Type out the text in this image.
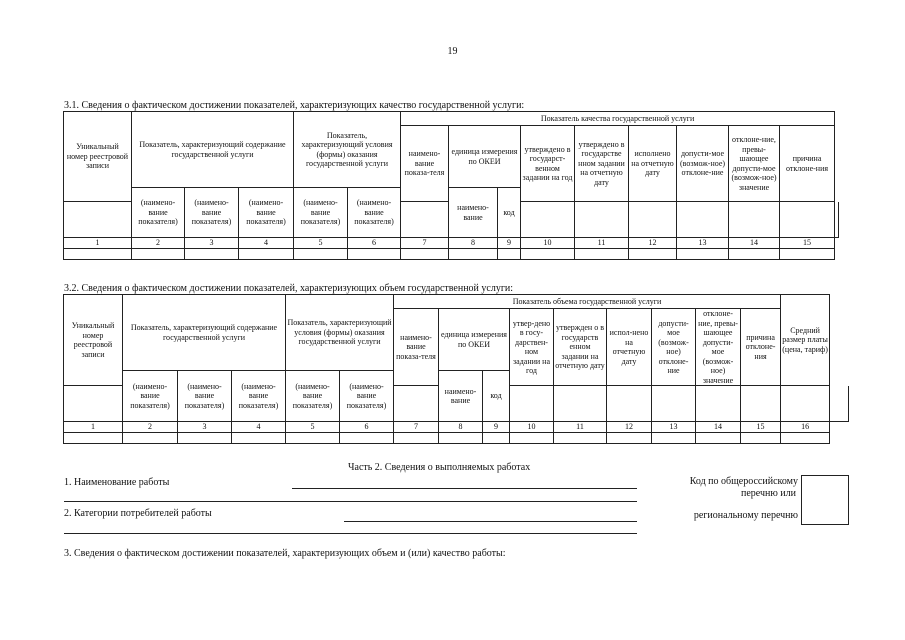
19
3.1. Сведения о фактическом достижении показателей, характеризующих качество государственной услуги:
Уникальный номер реестровой записи	Показатель, характеризующий содержание государственной услуги			Показатель, характеризующий условия (формы) оказания государственной услуги		Показатель качества государственной услуги									
						наимено-вание показа-теля	единица измерения по ОКЕИ		утверждено в государст-венном задании на год	утверждено в государстве нном задании на отчетную дату	исполнено на отчетную дату	допусти-мое (возмож-ное) отклоне-ние	отклоне-ние, превы-шающее допусти-мое (возмож-ное) значение	причина отклоне-ния	
	(наимено-вание показателя)	(наимено-вание показателя)	(наимено-вание показателя)	(наимено-вание показателя)	(наимено-вание показателя)		наимено-вание	код							

1	2	3	4	5	6	7	8	9	10	11	12	13	14	15	

3.2. Сведения о фактическом достижении показателей, характеризующих объем государственной услуги:
Уникальный номер реестровой записи	Показатель, характеризующий содержание государственной услуги			Показатель, характеризующий условия (формы) оказания государственной услуги		Показатель объема государственной услуги									Средний размер платы (цена, тариф)	
						наимено-вание показа-теля	единица измерения по ОКЕИ		утвер-дено в госу-дарствен-ном задании на год	утвержден о в государств енном задании на отчетную дату	испол-нено на отчетную дату	допусти-мое (возмож-ное) отклоне-ние	отклоне-ние, превы-шающее допусти-мое (возмож-ное) значение	причина отклоне-ния		
	(наимено-вание показателя)	(наимено-вание показателя)	(наимено-вание показателя)	(наимено-вание показателя)	(наимено-вание показателя)		наимено-вание	код								

1	2	3	4	5	6	7	8	9	10	11	12	13	14	15	16	

Часть 2. Сведения о выполняемых работах
1. Наименование работы
2. Категории потребителей работы
Код по общероссийскому
перечню или
региональному перечню
3. Сведения о фактическом достижении показателей, характеризующих объем и (или) качество работы:
